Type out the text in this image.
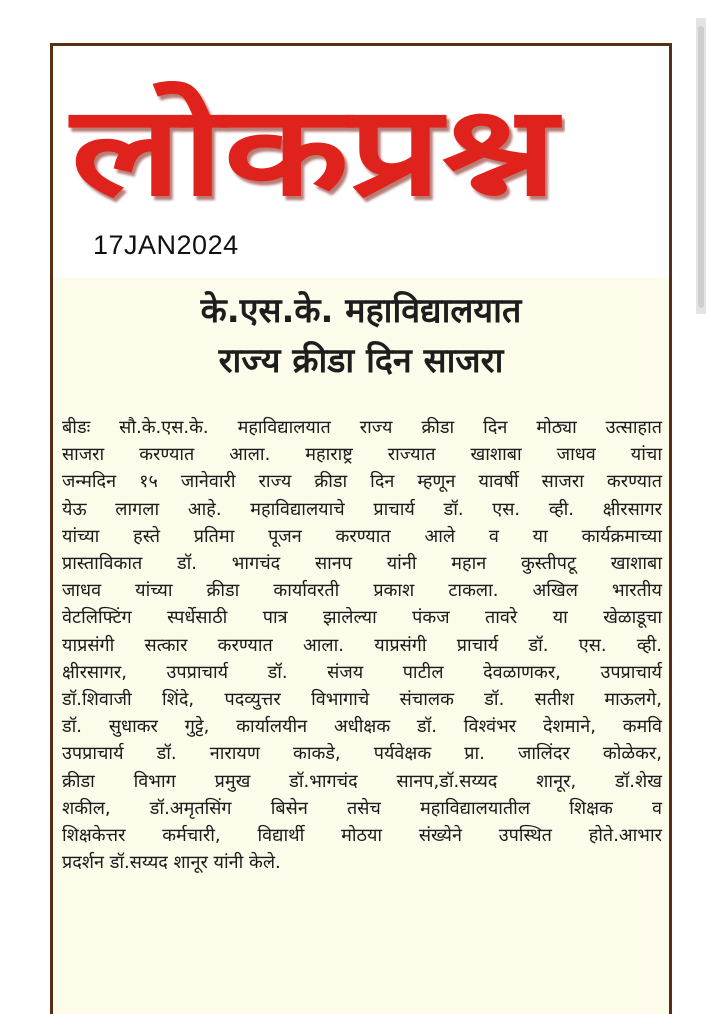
लोकप्रश्न
17JAN2024
के.एस.के. महाविद्यालयात
राज्य क्रीडा दिन साजरा
बीडः सौ.के.एस.के. महाविद्यालयात राज्य क्रीडा दिन मोठ्या उत्साहात
साजरा करण्यात आला. महाराष्ट्र राज्यात खाशाबा जाधव यांचा
जन्मदिन १५ जानेवारी राज्य क्रीडा दिन म्हणून यावर्षी साजरा करण्यात
येऊ लागला आहे. महाविद्यालयाचे प्राचार्य डॉ. एस. व्ही. क्षीरसागर
यांच्या हस्ते प्रतिमा पूजन करण्यात आले व या कार्यक्रमाच्या
प्रास्ताविकात डॉ. भागचंद सानप यांनी महान कुस्तीपटू खाशाबा
जाधव यांच्या क्रीडा कार्यावरती प्रकाश टाकला. अखिल भारतीय
वेटलिफ्टिंग स्पर्धेसाठी पात्र झालेल्या पंकज तावरे या खेळाडूचा
याप्रसंगी सत्कार करण्यात आला. याप्रसंगी प्राचार्य डॉ. एस. व्ही.
क्षीरसागर, उपप्राचार्य डॉ. संजय पाटील देवळाणकर, उपप्राचार्य
डॉ.शिवाजी शिंदे, पदव्युत्तर विभागाचे संचालक डॉ. सतीश माऊलगे,
डॉ. सुधाकर गुट्टे, कार्यालयीन अधीक्षक डॉ. विश्वंभर देशमाने, कमवि
उपप्राचार्य डॉ. नारायण काकडे, पर्यवेक्षक प्रा. जालिंदर कोळेकर,
क्रीडा विभाग प्रमुख डॉ.भागचंद सानप,डॉ.सय्यद शानूर, डॉ.शेख
शकील, डॉ.अमृतसिंग बिसेन तसेच महाविद्यालयातील शिक्षक व
शिक्षकेत्तर कर्मचारी, विद्यार्थी मोठया संख्येने उपस्थित होते.आभार
प्रदर्शन डॉ.सय्यद शानूर यांनी केले.
